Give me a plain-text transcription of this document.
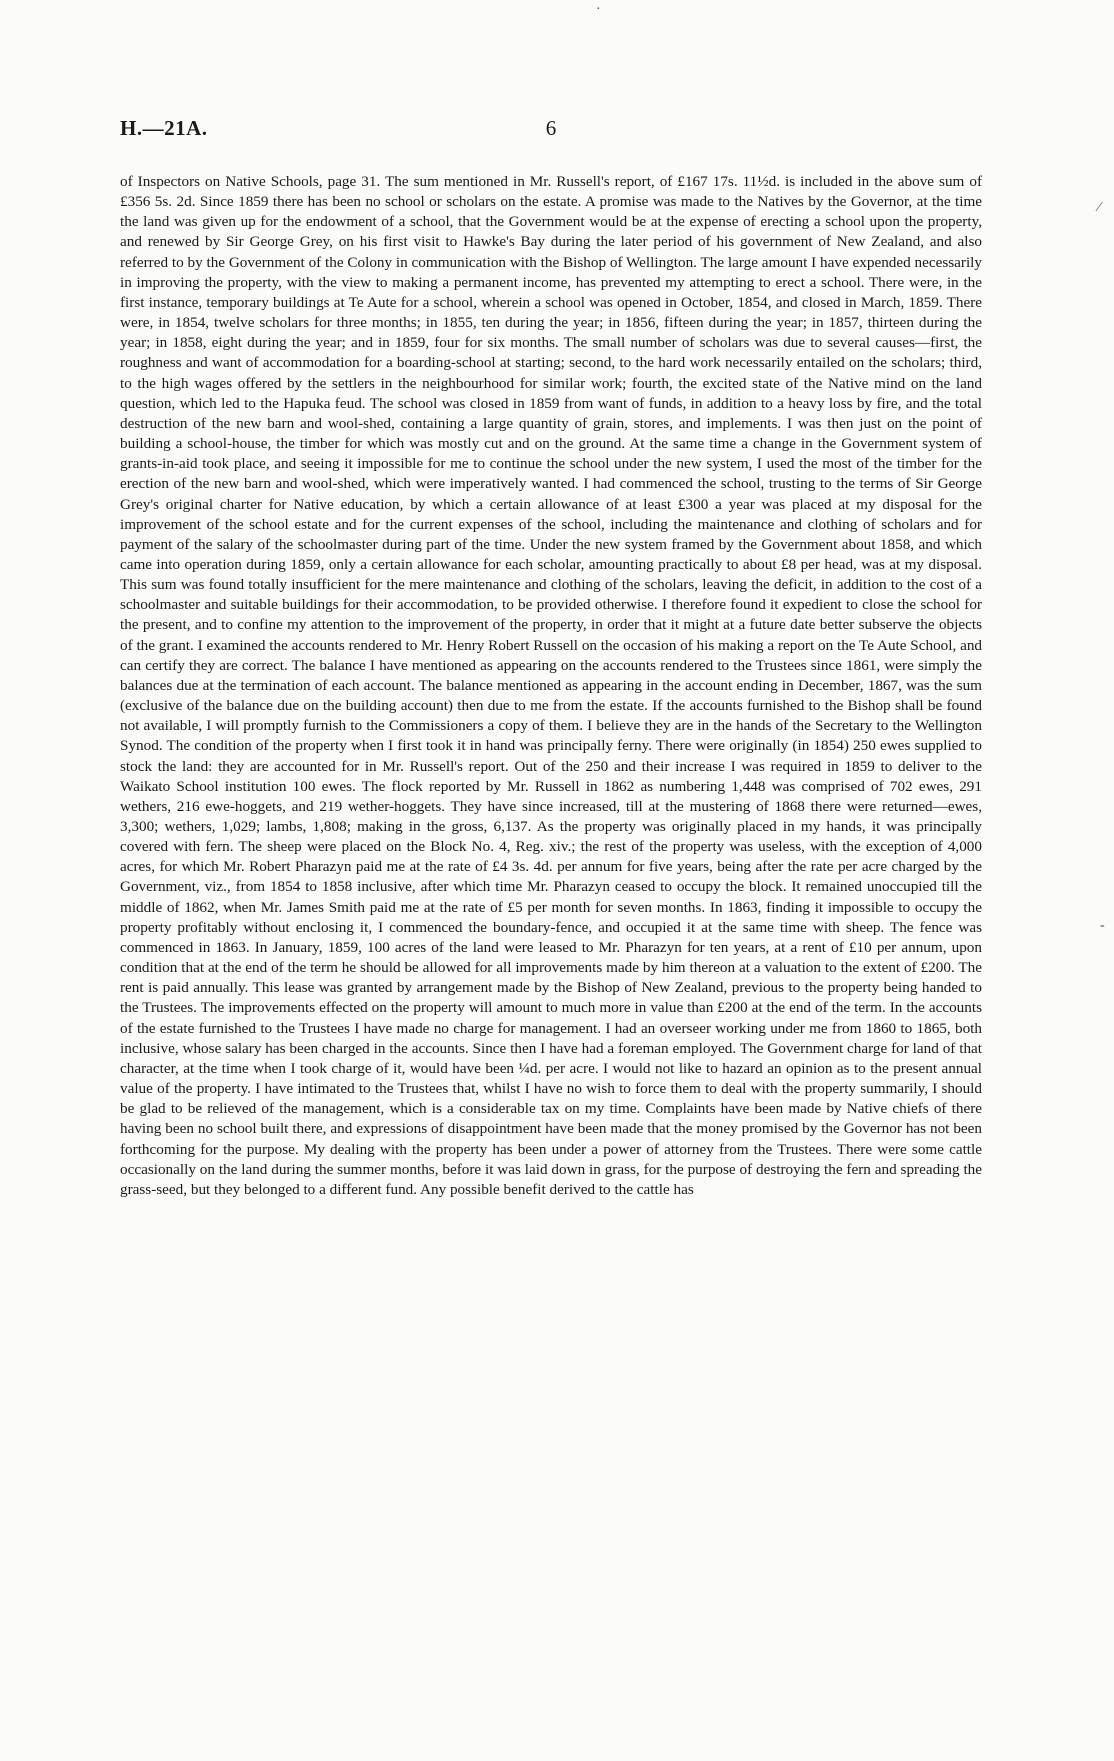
H.—21A.	6

of Inspectors on Native Schools, page 31. The sum mentioned in Mr. Russell's report, of £167 17s. 11½d. is included in the above sum of £356 5s. 2d. Since 1859 there has been no school or scholars on the estate. A promise was made to the Natives by the Governor, at the time the land was given up for the endowment of a school, that the Government would be at the expense of erecting a school upon the property, and renewed by Sir George Grey, on his first visit to Hawke's Bay during the later period of his government of New Zealand, and also referred to by the Government of the Colony in communication with the Bishop of Wellington. The large amount I have expended necessarily in improving the property, with the view to making a permanent income, has prevented my attempting to erect a school. There were, in the first instance, temporary buildings at Te Aute for a school, wherein a school was opened in October, 1854, and closed in March, 1859. There were, in 1854, twelve scholars for three months; in 1855, ten during the year; in 1856, fifteen during the year; in 1857, thirteen during the year; in 1858, eight during the year; and in 1859, four for six months. The small number of scholars was due to several causes—first, the roughness and want of accommodation for a boarding-school at starting; second, to the hard work necessarily entailed on the scholars; third, to the high wages offered by the settlers in the neighbourhood for similar work; fourth, the excited state of the Native mind on the land question, which led to the Hapuka feud. The school was closed in 1859 from want of funds, in addition to a heavy loss by fire, and the total destruction of the new barn and wool-shed, containing a large quantity of grain, stores, and implements. I was then just on the point of building a school-house, the timber for which was mostly cut and on the ground. At the same time a change in the Government system of grants-in-aid took place, and seeing it impossible for me to continue the school under the new system, I used the most of the timber for the erection of the new barn and wool-shed, which were imperatively wanted. I had commenced the school, trusting to the terms of Sir George Grey's original charter for Native education, by which a certain allowance of at least £300 a year was placed at my disposal for the improvement of the school estate and for the current expenses of the school, including the maintenance and clothing of scholars and for payment of the salary of the schoolmaster during part of the time. Under the new system framed by the Government about 1858, and which came into operation during 1859, only a certain allowance for each scholar, amounting practically to about £8 per head, was at my disposal. This sum was found totally insufficient for the mere maintenance and clothing of the scholars, leaving the deficit, in addition to the cost of a schoolmaster and suitable buildings for their accommodation, to be provided otherwise. I therefore found it expedient to close the school for the present, and to confine my attention to the improvement of the property, in order that it might at a future date better subserve the objects of the grant. I examined the accounts rendered to Mr. Henry Robert Russell on the occasion of his making a report on the Te Aute School, and can certify they are correct. The balance I have mentioned as appearing on the accounts rendered to the Trustees since 1861, were simply the balances due at the termination of each account. The balance mentioned as appearing in the account ending in December, 1867, was the sum (exclusive of the balance due on the building account) then due to me from the estate. If the accounts furnished to the Bishop shall be found not available, I will promptly furnish to the Commissioners a copy of them. I believe they are in the hands of the Secretary to the Wellington Synod. The condition of the property when I first took it in hand was principally ferny. There were originally (in 1854) 250 ewes supplied to stock the land: they are accounted for in Mr. Russell's report. Out of the 250 and their increase I was required in 1859 to deliver to the Waikato School institution 100 ewes. The flock reported by Mr. Russell in 1862 as numbering 1,448 was comprised of 702 ewes, 291 wethers, 216 ewe-hoggets, and 219 wether-hoggets. They have since increased, till at the mustering of 1868 there were returned—ewes, 3,300; wethers, 1,029; lambs, 1,808; making in the gross, 6,137. As the property was originally placed in my hands, it was principally covered with fern. The sheep were placed on the Block No. 4, Reg. xiv.; the rest of the property was useless, with the exception of 4,000 acres, for which Mr. Robert Pharazyn paid me at the rate of £4 3s. 4d. per annum for five years, being after the rate per acre charged by the Government, viz., from 1854 to 1858 inclusive, after which time Mr. Pharazyn ceased to occupy the block. It remained unoccupied till the middle of 1862, when Mr. James Smith paid me at the rate of £5 per month for seven months. In 1863, finding it impossible to occupy the property profitably without enclosing it, I commenced the boundary-fence, and occupied it at the same time with sheep. The fence was commenced in 1863. In January, 1859, 100 acres of the land were leased to Mr. Pharazyn for ten years, at a rent of £10 per annum, upon condition that at the end of the term he should be allowed for all improvements made by him thereon at a valuation to the extent of £200. The rent is paid annually. This lease was granted by arrangement made by the Bishop of New Zealand, previous to the property being handed to the Trustees. The improvements effected on the property will amount to much more in value than £200 at the end of the term. In the accounts of the estate furnished to the Trustees I have made no charge for management. I had an overseer working under me from 1860 to 1865, both inclusive, whose salary has been charged in the accounts. Since then I have had a foreman employed. The Government charge for land of that character, at the time when I took charge of it, would have been ¼d. per acre. I would not like to hazard an opinion as to the present annual value of the property. I have intimated to the Trustees that, whilst I have no wish to force them to deal with the property summarily, I should be glad to be relieved of the management, which is a considerable tax on my time. Complaints have been made by Native chiefs of there having been no school built there, and expressions of disappointment have been made that the money promised by the Governor has not been forthcoming for the purpose. My dealing with the property has been under a power of attorney from the Trustees. There were some cattle occasionally on the land during the summer months, before it was laid down in grass, for the purpose of destroying the fern and spreading the grass-seed, but they belonged to a different fund. Any possible benefit derived to the cattle has

·
⁄
-
